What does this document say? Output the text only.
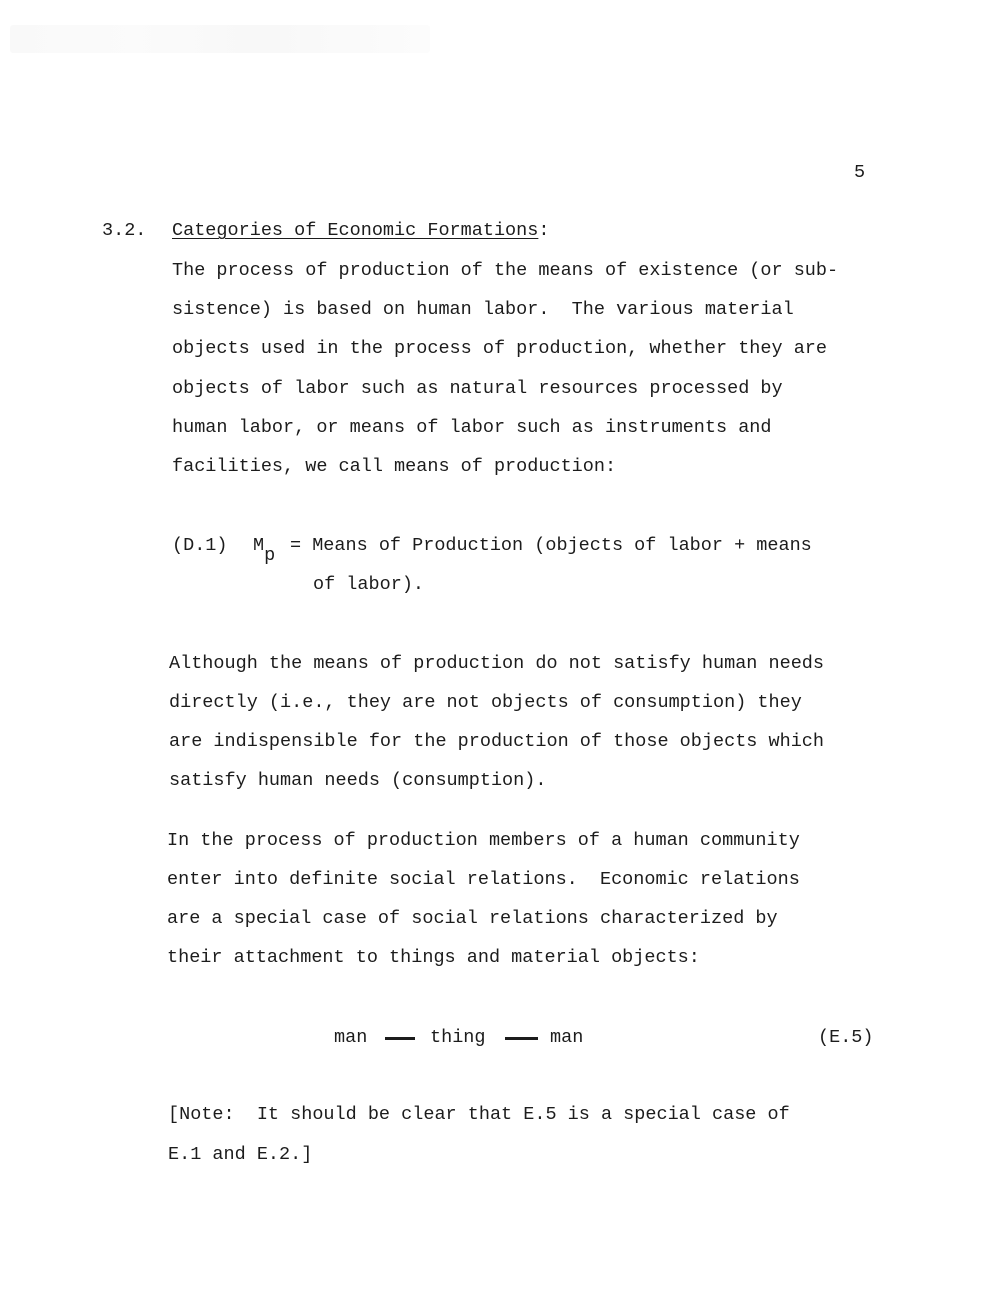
5
3.2. Categories of Economic Formations:
The process of production of the means of existence (or sub-
sistence) is based on human labor.  The various material
objects used in the process of production, whether they are
objects of labor such as natural resources processed by
human labor, or means of labor such as instruments and
facilities, we call means of production:
(D.1) Mp = Means of Production (objects of labor + means
of labor).
Although the means of production do not satisfy human needs
directly (i.e., they are not objects of consumption) they
are indispensible for the production of those objects which
satisfy human needs (consumption).
In the process of production members of a human community
enter into definite social relations.  Economic relations
are a special case of social relations characterized by
their attachment to things and material objects:
man	thing	man	(E.5)
[Note:  It should be clear that E.5 is a special case of
E.1 and E.2.]
